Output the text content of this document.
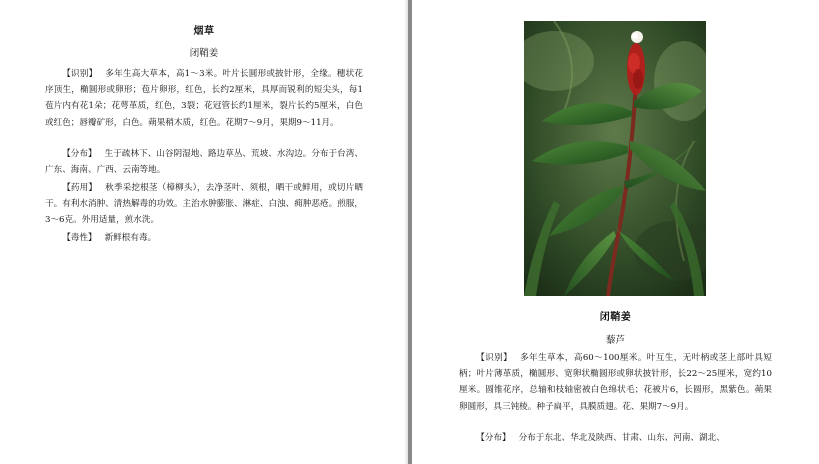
烟草
闭鞘姜

【识别】 多年生高大草本，高1～3米。叶片长圆形或披针形，全缘。穗状花序顶生，椭圆形或卵形；苞片卵形，红色，长约2厘米，具厚而锐利的短尖头，每1苞片内有花1朵；花萼革质，红色，3裂；花冠管长约1厘米，裂片长约5厘米，白色或红色；唇瓣矿形，白色。蒴果稍木质，红色。花期7～9月，果期9～11月。

【分布】 生于疏林下、山谷阴湿地、路边草丛、荒坡、水沟边。分布于台湾、广东、海南、广西、云南等地。

【药用】 秋季采挖根茎（樟柳头），去净茎叶、须根，晒干或鲜用，或切片晒干。有利水消肿、清热解毒的功效。主治水肿膨胀、淋症、白浊、痈肿恶疮。煎服，3～6克。外用适量，煎水洗。

【毒性】 新鲜根有毒。

闭鞘姜
藜芦

【识别】 多年生草本，高60～100厘米。叶互生，无叶柄或茎上部叶具短柄；叶片薄革质，椭圆形、宽卵状椭圆形或卵状披针形，长22～25厘米，宽约10厘米。圆锥花序，总轴和枝轴密被白色绵状毛；花被片6，长圆形，黑紫色。蒴果卵圆形，具三钝棱。种子扁平，具膜质翅。花、果期7～9月。

【分布】 分布于东北、华北及陕西、甘肃、山东、河南、湖北、
